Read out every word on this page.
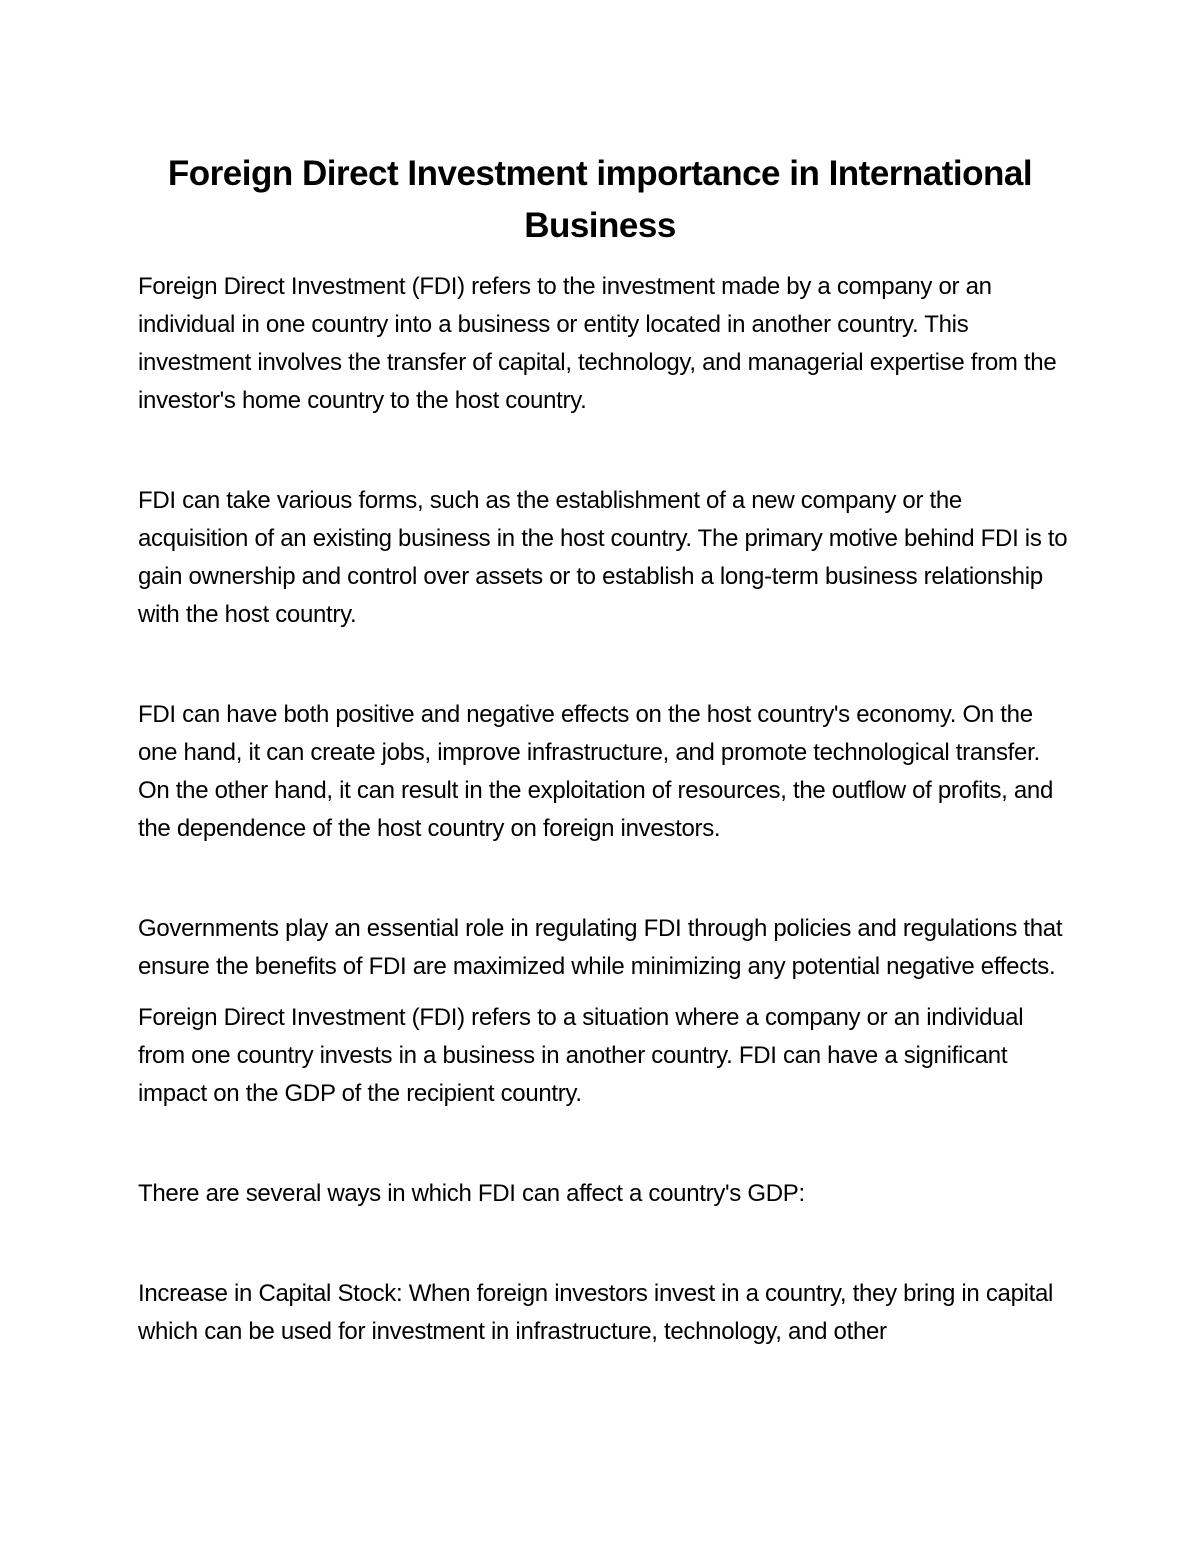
Foreign Direct Investment importance in International
Business

Foreign Direct Investment (FDI) refers to the investment made by a company or an individual in one country into a business or entity located in another country. This investment involves the transfer of capital, technology, and managerial expertise from the investor's home country to the host country.

FDI can take various forms, such as the establishment of a new company or the acquisition of an existing business in the host country. The primary motive behind FDI is to gain ownership and control over assets or to establish a long-term business relationship with the host country.

FDI can have both positive and negative effects on the host country's economy. On the one hand, it can create jobs, improve infrastructure, and promote technological transfer. On the other hand, it can result in the exploitation of resources, the outflow of profits, and the dependence of the host country on foreign investors.

Governments play an essential role in regulating FDI through policies and regulations that ensure the benefits of FDI are maximized while minimizing any potential negative effects.

Foreign Direct Investment (FDI) refers to a situation where a company or an individual from one country invests in a business in another country. FDI can have a significant impact on the GDP of the recipient country.

There are several ways in which FDI can affect a country's GDP:

Increase in Capital Stock: When foreign investors invest in a country, they bring in capital which can be used for investment in infrastructure, technology, and other
